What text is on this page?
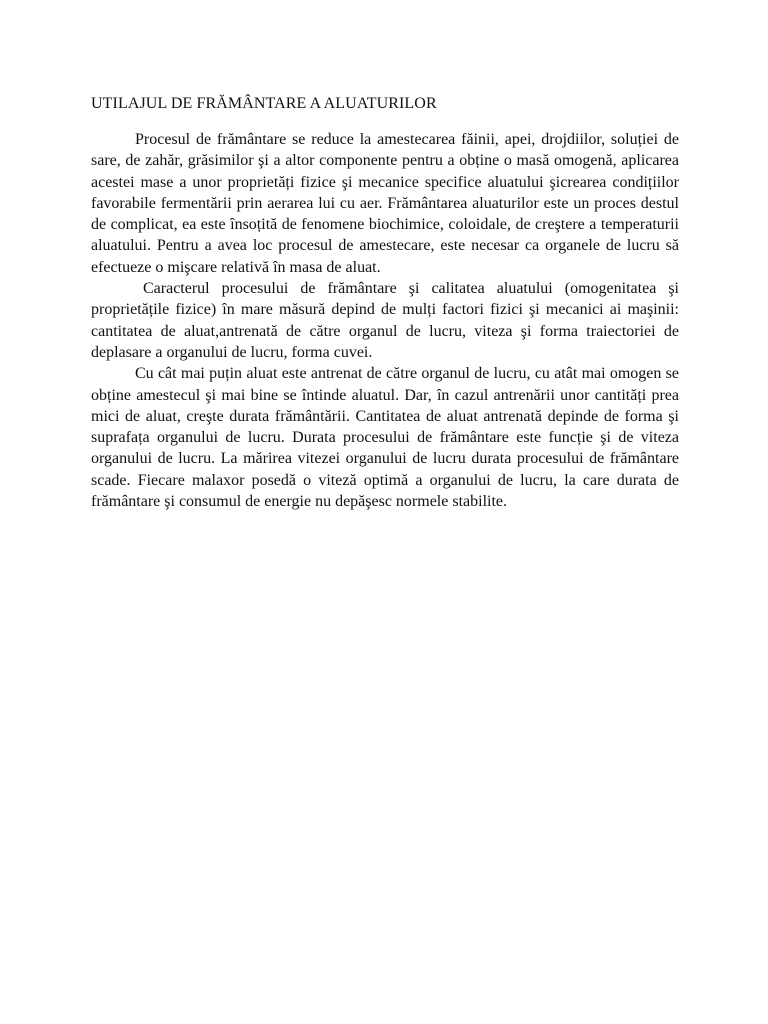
UTILAJUL DE FRĂMÂNTARE A ALUATURILOR

Procesul de frământare se reduce la amestecarea făinii, apei, drojdiilor, soluției de sare, de zahăr, grăsimilor şi a altor componente pentru a obține o masă omogenă, aplicarea acestei mase a unor proprietăți fizice şi mecanice specifice aluatului şicrearea condițiilor favorabile fermentării prin aerarea lui cu aer. Frământarea aluaturilor este un proces destul de complicat, ea este însoțită de fenomene biochimice, coloidale, de creştere a temperaturii aluatului. Pentru a avea loc procesul de amestecare, este necesar ca organele de lucru să efectueze o mişcare relativă în masa de aluat.

Caracterul procesului de frământare şi calitatea aluatului (omogenitatea şi proprietățile fizice) în mare măsură depind de mulți factori fizici şi mecanici ai maşinii: cantitatea de aluat,antrenată de către organul de lucru, viteza şi forma traiectoriei de deplasare a organului de lucru, forma cuvei.

Cu cât mai puțin aluat este antrenat de către organul de lucru, cu atât mai omogen se obține amestecul şi mai bine se întinde aluatul. Dar, în cazul antrenării unor cantități prea mici de aluat, creşte durata frământării. Cantitatea de aluat antrenată depinde de forma şi suprafața organului de lucru. Durata procesului de frământare este funcție şi de viteza organului de lucru. La mărirea vitezei organului de lucru durata procesului de frământare scade. Fiecare malaxor posedă o viteză optimă a organului de lucru, la care durata de frământare şi consumul de energie nu depăşesc normele stabilite.
